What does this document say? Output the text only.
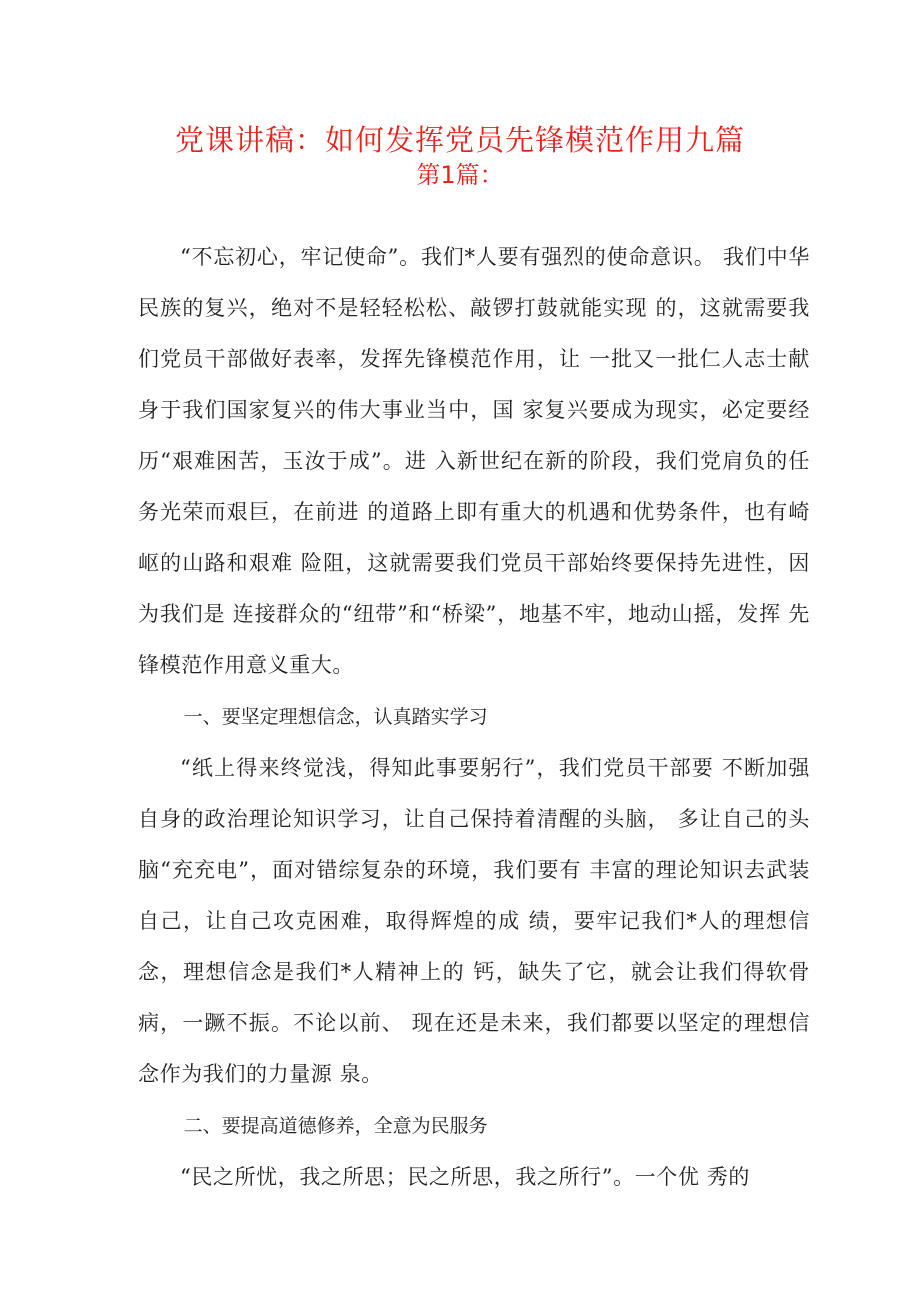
党课讲稿：如何发挥党员先锋模范作用九篇
第1篇：

“不忘初心，牢记使命”。我们*人要有强烈的使命意识。 我们中华民族的复兴，绝对不是轻轻松松、敲锣打鼓就能实现 的，这就需要我们党员干部做好表率，发挥先锋模范作用，让 一批又一批仁人志士献身于我们国家复兴的伟大事业当中，国 家复兴要成为现实，必定要经历“艰难困苦，玉汝于成”。进 入新世纪在新的阶段，我们党肩负的任务光荣而艰巨，在前进 的道路上即有重大的机遇和优势条件，也有崎岖的山路和艰难 险阻，这就需要我们党员干部始终要保持先进性，因为我们是 连接群众的“纽带”和“桥梁”，地基不牢，地动山摇，发挥 先锋模范作用意义重大。

一、要坚定理想信念，认真踏实学习

“纸上得来终觉浅，得知此事要躬行”，我们党员干部要 不断加强自身的政治理论知识学习，让自己保持着清醒的头脑， 多让自己的头脑“充充电”，面对错综复杂的环境，我们要有 丰富的理论知识去武装自己，让自己攻克困难，取得辉煌的成 绩，要牢记我们*人的理想信念，理想信念是我们*人精神上的 钙，缺失了它，就会让我们得软骨病，一蹶不振。不论以前、 现在还是未来，我们都要以坚定的理想信念作为我们的力量源 泉。

二、要提高道德修养，全意为民服务

“民之所忧，我之所思；民之所思，我之所行”。一个优 秀的
